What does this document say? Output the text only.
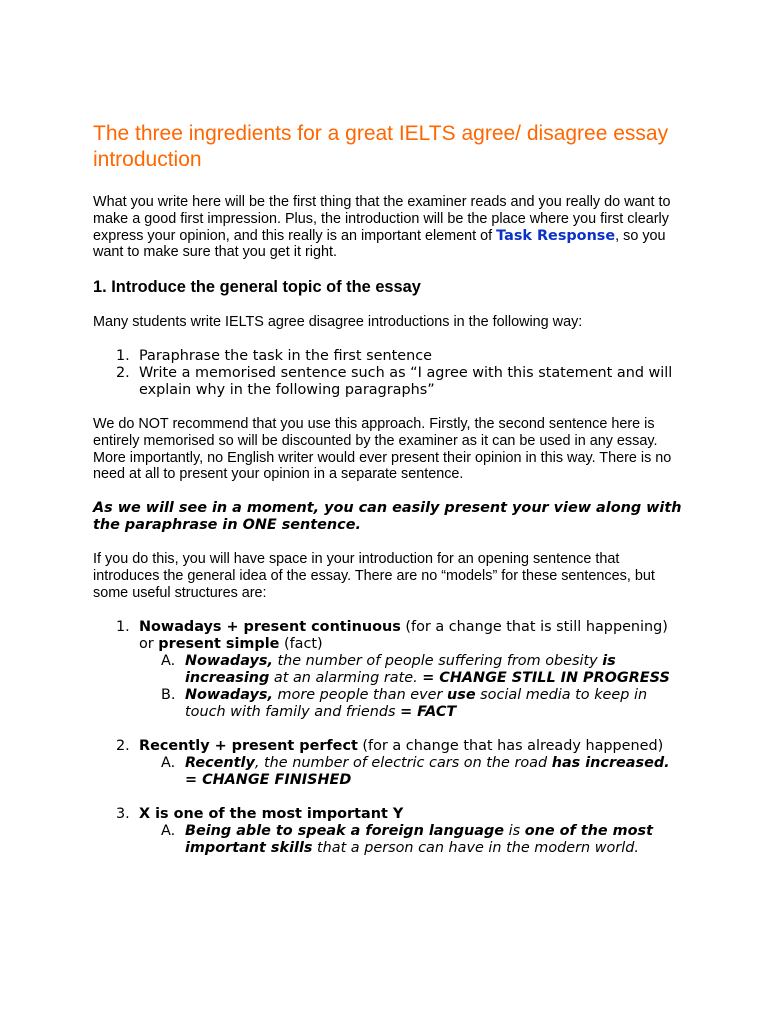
The three ingredients for a great IELTS agree/ disagree essay introduction

What you write here will be the first thing that the examiner reads and you really do want to make a good first impression. Plus, the introduction will be the place where you first clearly express your opinion, and this really is an important element of Task Response, so you want to make sure that you get it right.

1. Introduce the general topic of the essay

Many students write IELTS agree disagree introductions in the following way:

1. Paraphrase the task in the first sentence
2. Write a memorised sentence such as “I agree with this statement and will explain why in the following paragraphs”

We do NOT recommend that you use this approach. Firstly, the second sentence here is entirely memorised so will be discounted by the examiner as it can be used in any essay. More importantly, no English writer would ever present their opinion in this way. There is no need at all to present your opinion in a separate sentence.

As we will see in a moment, you can easily present your view along with the paraphrase in ONE sentence.

If you do this, you will have space in your introduction for an opening sentence that introduces the general idea of the essay. There are no “models” for these sentences, but some useful structures are:

1. Nowadays + present continuous (for a change that is still happening) or present simple (fact)
A. Nowadays, the number of people suffering from obesity is increasing at an alarming rate. = CHANGE STILL IN PROGRESS
B. Nowadays, more people than ever use social media to keep in touch with family and friends = FACT
2. Recently + present perfect (for a change that has already happened)
A. Recently, the number of electric cars on the road has increased. = CHANGE FINISHED
3. X is one of the most important Y
A. Being able to speak a foreign language is one of the most important skills that a person can have in the modern world.
